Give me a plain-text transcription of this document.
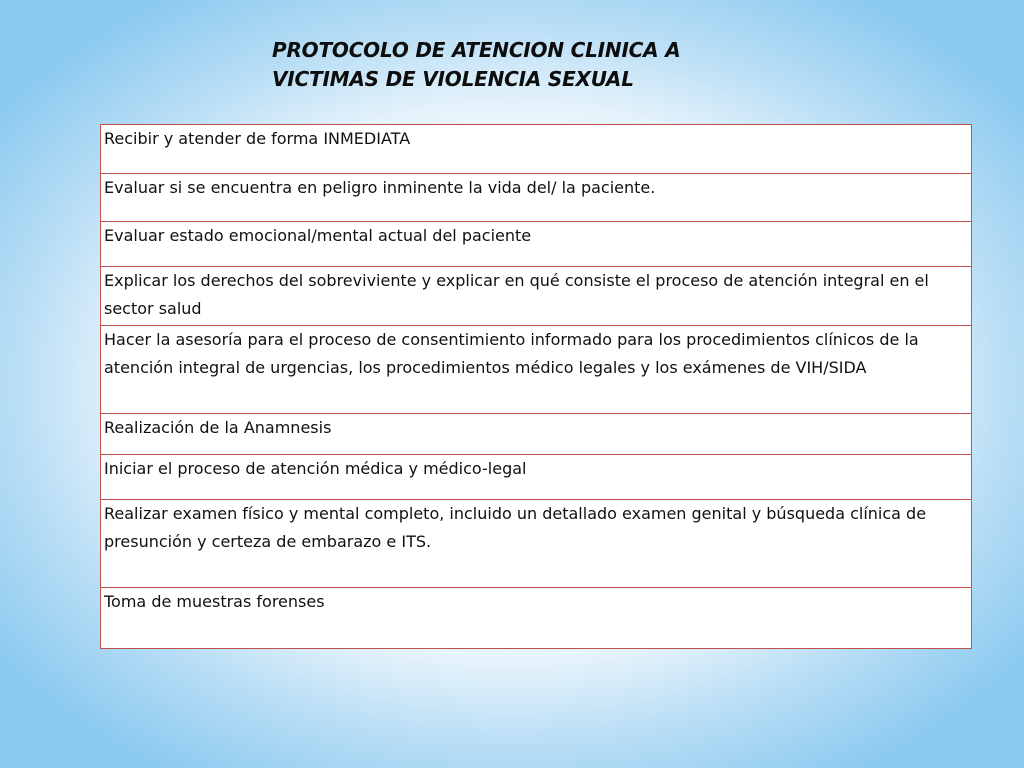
PROTOCOLO DE ATENCION CLINICA A
VICTIMAS DE VIOLENCIA SEXUAL
Recibir y atender de forma INMEDIATA

Evaluar si se encuentra en peligro inminente la vida del/ la paciente.

Evaluar estado emocional/mental actual del paciente

Explicar los derechos del sobreviviente y explicar en qué consiste el proceso de atención integral en el sector salud

Hacer la asesoría para el proceso de consentimiento informado para los procedimientos clínicos de la atención integral de urgencias, los procedimientos médico legales y los exámenes de VIH/SIDA

Realización de la Anamnesis

Iniciar el proceso de atención médica y médico-legal

Realizar examen físico y mental completo, incluido un detallado examen genital y búsqueda clínica de presunción y certeza de embarazo e ITS.

Toma de muestras forenses
